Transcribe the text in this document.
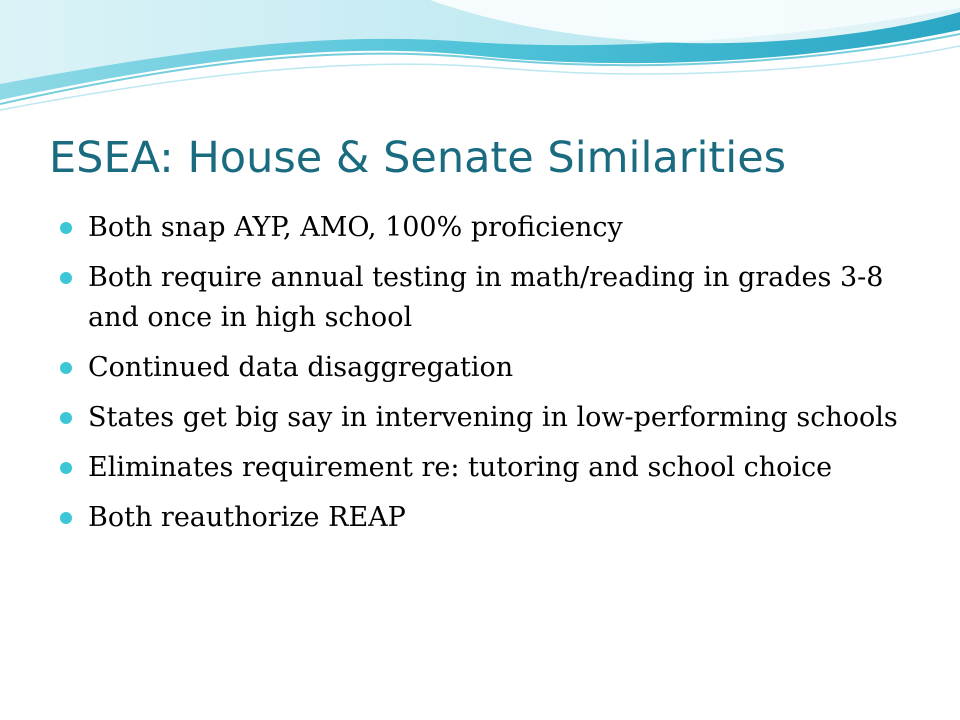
ESEA: House & Senate Similarities
Both snap AYP, AMO, 100% proficiency
Both require annual testing in math/reading in grades 3-8 and once in high school
Continued data disaggregation
States get big say in intervening in low-performing schools
Eliminates requirement re: tutoring and school choice
Both reauthorize REAP
